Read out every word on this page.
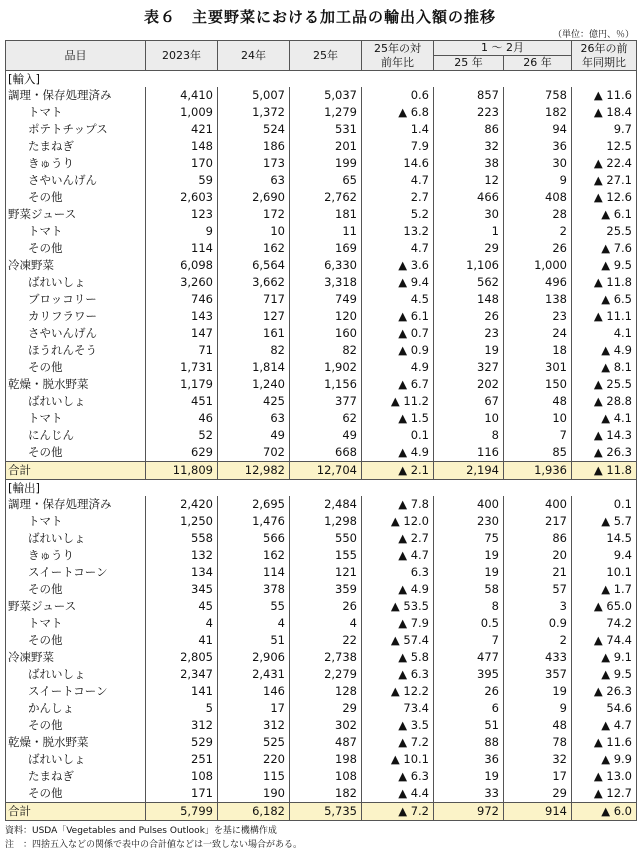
表６　主要野菜における加工品の輸出入額の推移
（単位：億円、％）
品目	2023年	24年	25年	25年の対
前年比	1 〜 2月		26年の前
年同期比
					25 年	26 年	
[輸入]							
調理・保存処理済み	4,410	5,007	5,037	0.6	857	758	▲ 11.6
トマト	1,009	1,372	1,279	▲ 6.8	223	182	▲ 18.4
ポテトチップス	421	524	531	1.4	86	94	9.7
たまねぎ	148	186	201	7.9	32	36	12.5
きゅうり	170	173	199	14.6	38	30	▲ 22.4
さやいんげん	59	63	65	4.7	12	9	▲ 27.1
その他	2,603	2,690	2,762	2.7	466	408	▲ 12.6
野菜ジュース	123	172	181	5.2	30	28	▲ 6.1
トマト	9	10	11	13.2	1	2	25.5
その他	114	162	169	4.7	29	26	▲ 7.6
冷凍野菜	6,098	6,564	6,330	▲ 3.6	1,106	1,000	▲ 9.5
ばれいしょ	3,260	3,662	3,318	▲ 9.4	562	496	▲ 11.8
ブロッコリー	746	717	749	4.5	148	138	▲ 6.5
カリフラワー	143	127	120	▲ 6.1	26	23	▲ 11.1
さやいんげん	147	161	160	▲ 0.7	23	24	4.1
ほうれんそう	71	82	82	▲ 0.9	19	18	▲ 4.9
その他	1,731	1,814	1,902	4.9	327	301	▲ 8.1
乾燥・脱水野菜	1,179	1,240	1,156	▲ 6.7	202	150	▲ 25.5
ばれいしょ	451	425	377	▲ 11.2	67	48	▲ 28.8
トマト	46	63	62	▲ 1.5	10	10	▲ 4.1
にんじん	52	49	49	0.1	8	7	▲ 14.3
その他	629	702	668	▲ 4.9	116	85	▲ 26.3
合計	11,809	12,982	12,704	▲ 2.1	2,194	1,936	▲ 11.8
[輸出]							
調理・保存処理済み	2,420	2,695	2,484	▲ 7.8	400	400	0.1
トマト	1,250	1,476	1,298	▲ 12.0	230	217	▲ 5.7
ばれいしょ	558	566	550	▲ 2.7	75	86	14.5
きゅうり	132	162	155	▲ 4.7	19	20	9.4
スイートコーン	134	114	121	6.3	19	21	10.1
その他	345	378	359	▲ 4.9	58	57	▲ 1.7
野菜ジュース	45	55	26	▲ 53.5	8	3	▲ 65.0
トマト	4	4	4	▲ 7.9	0.5	0.9	74.2
その他	41	51	22	▲ 57.4	7	2	▲ 74.4
冷凍野菜	2,805	2,906	2,738	▲ 5.8	477	433	▲ 9.1
ばれいしょ	2,347	2,431	2,279	▲ 6.3	395	357	▲ 9.5
スイートコーン	141	146	128	▲ 12.2	26	19	▲ 26.3
かんしょ	5	17	29	73.4	6	9	54.6
その他	312	312	302	▲ 3.5	51	48	▲ 4.7
乾燥・脱水野菜	529	525	487	▲ 7.2	88	78	▲ 11.6
ばれいしょ	251	220	198	▲ 10.1	36	32	▲ 9.9
たまねぎ	108	115	108	▲ 6.3	19	17	▲ 13.0
その他	171	190	182	▲ 4.4	33	29	▲ 12.7
合計	5,799	6,182	5,735	▲ 7.2	972	914	▲ 6.0
資料：USDA「Vegetables and Pulses Outlook」を基に機構作成
注　：四捨五入などの関係で表中の合計値などは一致しない場合がある。
